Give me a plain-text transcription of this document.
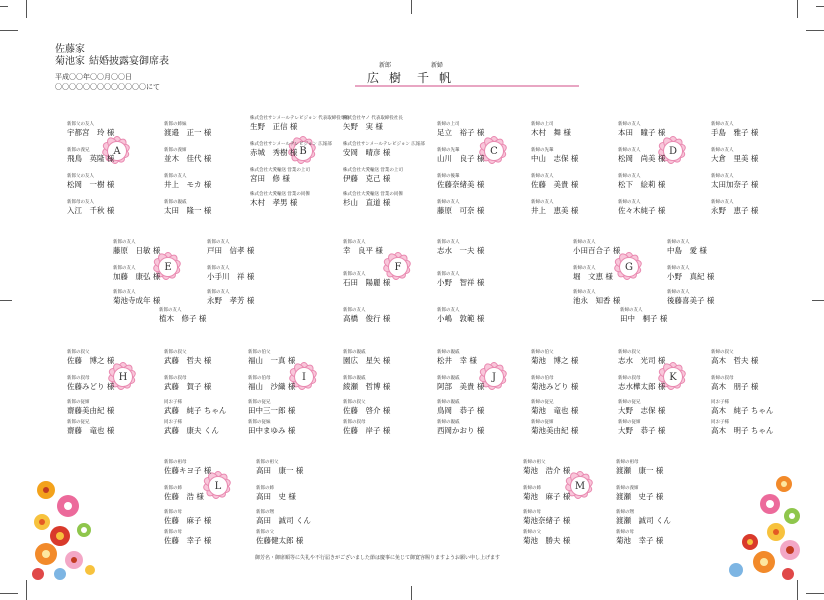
佐藤家
菊池家 結婚披露宴御席表
平成〇〇年〇〇月〇〇日
〇〇〇〇〇〇〇〇〇〇〇〇〇にて
新郎	新婦
広樹 千帆
A
新郎父の友人
宇都宮　玲 様
新郎の義兄
飛鳥　英隆 様
新郎父の友人
松岡　一樹 様
新郎母の友人
入江　千秋 様
新郎の姉妹
渡邉　正一 様
新郎の義姉
並木　佳代 様
新郎の友人
井上　モカ 様
新郎の親戚
太田　隆一 様
B
株式会社サンメールテレビジョン 代表取締役専務
生野　正信 様
株式会社サンメールテレビジョン 広報部
赤城　秀樹 様
株式会社大愛輸送 営業の上司
宮田　修 様
株式会社大愛輸送 営業の同僚
木村　孝男 様
株式会社ヤノ 代表取締役社長
矢野　実 様
株式会社サンメールテレビジョン 広報部
安岡　晴彦 様
株式会社大愛輸送 営業の上司
伊藤　克己 様
株式会社大愛輸送 営業の同僚
杉山　直道 様
C
新婦の上司
足立　裕子 様
新婦の先輩
山川　良子 様
新婦の後輩
佐藤奈緒美 様
新婦の友人
藤原　可奈 様
新婦の上司
木村　舞 様
新婦の先輩
中山　志保 様
新婦の友人
佐藤　美貴 様
新婦の友人
井上　恵美 様
D
新婦の友人
本田　瞳子 様
新婦の友人
松岡　尚美 様
新婦の友人
松下　絵莉 様
新婦の友人
佐々木純子 様
新婦の友人
手島　雅子 様
新婦の友人
大倉　里美 様
新婦の友人
太田加奈子 様
新婦の友人
永野　恵子 様
E
新郎の友人
藤原　日敏 様
新郎の友人
加藤　康弘 様
新郎の友人
菊池寺成年 様
新郎の友人
植木　修子 様
新郎の友人
戸田　信孝 様
新郎の友人
小手川　祥 様
新郎の友人
永野　孝芳 様
F
新郎の友人
幸　良平 様
新郎の友人
石田　陽麗 様
新郎の友人
高橋　俊行 様
新郎の友人
志水　一夫 様
新郎の友人
小野　智祥 様
新郎の友人
小嶋　敦範 様
G
新婦の友人
小田百合子 様
新婦の友人
堀　文恵 様
新婦の友人
池永　知香 様
新婦の友人
田中　桐子 様
新婦の友人
中島　愛 様
新婦の友人
小野　真紀 様
新婦の友人
後藤喜美子 様
H
新郎の叔父
佐藤　博之 様
新郎の叔母
佐藤みどり 様
新郎の従姉
齋藤美由紀 様
新郎の従兄
齋藤　竜也 様
新郎の叔父
武藤　哲夫 様
新郎の叔母
武藤　賀子 様
同お子様
武藤　純子 ちゃん
同お子様
武藤　康夫 くん
I
新郎の伯父
福山　一真 様
新郎の伯母
福山　沙織 様
新郎の従兄
田中三一郎 様
新郎の従妹
田中まゆみ 様
新郎の親戚
園広　星矢 様
新郎の親戚
綾瀬　哲博 様
新郎の叔父
佐藤　啓介 様
新郎の叔母
佐藤　岸子 様
J
新婦の親戚
松井　幸 様
新婦の親戚
阿部　美貴 様
新婦の親戚
鳥岡　恭子 様
新婦の親戚
西岡かおり 様
新婦の伯父
菊池　博之 様
新婦の伯母
菊池みどり 様
新婦の従兄
菊池　竜也 様
新婦の従姉
菊池美由紀 様
K
新婦の叔父
志水　光司 様
新婦の叔母
志水樺太郎 様
新婦の従兄
大野　志保 様
新婦の従姉
大野　恭子 様
新婦の叔父
高木　哲夫 様
新婦の叔母
高木　朋子 様
同お子様
高木　純子 ちゃん
同お子様
高木　明子 ちゃん
L
新郎の祖母
佐藤キヨ子 様
新郎の姉
佐藤　浩 様
新郎の母
佐藤　麻子 様
新郎の母
佐藤　幸子 様
新郎の祖父
高田　康一 様
新郎の姉
高田　史 様
新郎の甥
高田　誠司 くん
新郎の父
佐藤健太郎 様
M
新婦の祖父
菊池　浩介 様
新婦の姉
菊池　麻子 様
新婦の母
菊池奈緒子 様
新婦の父
菊池　勝夫 様
新婦の祖母
渡瀬　康一 様
新婦の義姉
渡瀬　史子 様
新婦の甥
渡瀬　誠司 くん
新婦の母
菊池　幸子 様
御芳名・御席順等に失礼や不行届きがございました節は慶事に免じて御寛容賜りますようお願い申し上げます
